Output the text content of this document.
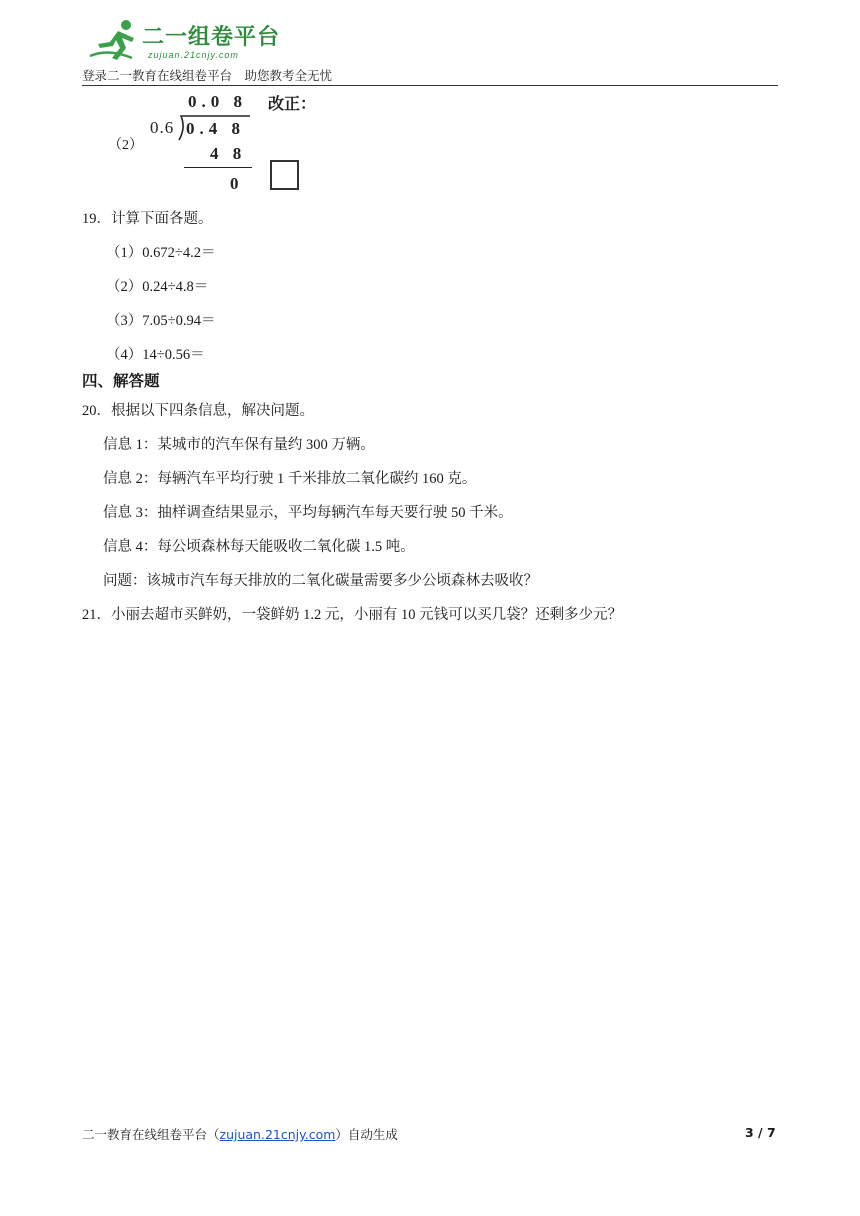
二一组卷平台
zujuan.21cnjy.com
登录二一教育在线组卷平台　助您教考全无忧
（2）
0.0 8
0.6 0.4 8
4 8
0
改正：
19．计算下面各题。
（1）0.672÷4.2＝
（2）0.24÷4.8＝
（3）7.05÷0.94＝
（4）14÷0.56＝
四、解答题
20．根据以下四条信息，解决问题。
信息 1：某城市的汽车保有量约 300 万辆。
信息 2：每辆汽车平均行驶 1 千米排放二氧化碳约 160 克。
信息 3：抽样调查结果显示，平均每辆汽车每天要行驶 50 千米。
信息 4：每公顷森林每天能吸收二氧化碳 1.5 吨。
问题：该城市汽车每天排放的二氧化碳量需要多少公顷森林去吸收？
21．小丽去超市买鲜奶，一袋鲜奶 1.2 元，小丽有 10 元钱可以买几袋？还剩多少元？
二一教育在线组卷平台（zujuan.21cnjy.com）自动生成	3 / 7
